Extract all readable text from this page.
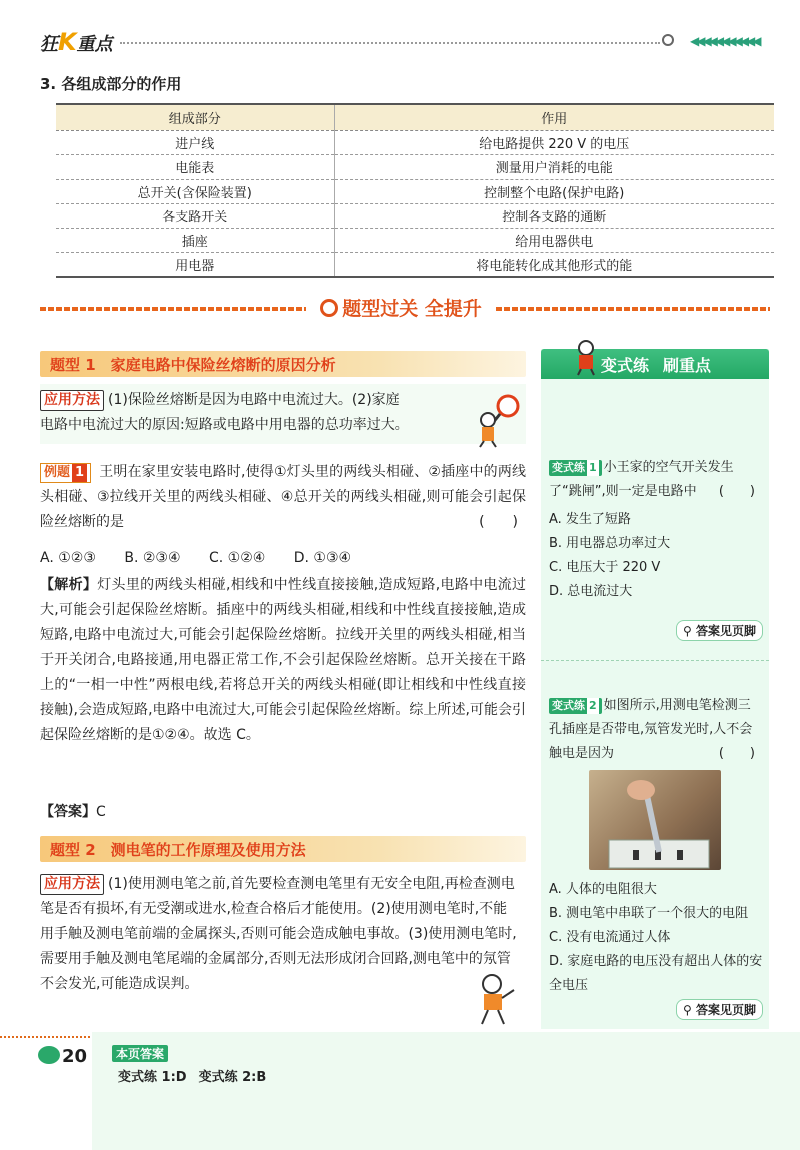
狂K重点	◀◀◀◀◀◀◀◀◀◀◀
3. 各组成部分的作用
组成部分	作用
进户线	给电路提供 220 V 的电压
电能表	测量用户消耗的电能
总开关(含保险装置)	控制整个电路(保护电路)
各支路开关	控制各支路的通断
插座	给用电器供电
用电器	将电能转化成其他形式的能
题型过关 全提升
题型 1　家庭电路中保险丝熔断的原因分析
应用方法 (1)保险丝熔断是因为电路中电流过大。(2)家庭
电路中电流过大的原因:短路或电路中用电器的总功率过大。
例题 1 王明在家里安装电路时,使得①灯头里的两线头相碰、②插座中的两线头相碰、③拉线开关里的两线头相碰、④总开关的两线头相碰,则可能会引起保险丝熔断的是	(　　)
A. ①②③ B. ②③④ C. ①②④ D. ①③④
【解析】灯头里的两线头相碰,相线和中性线直接接触,造成短路,电路中电流过大,可能会引起保险丝熔断。插座中的两线头相碰,相线和中性线直接接触,造成短路,电路中电流过大,可能会引起保险丝熔断。拉线开关里的两线头相碰,相当于开关闭合,电路接通,用电器正常工作,不会引起保险丝熔断。总开关接在干路上的“一相一中性”两根电线,若将总开关的两线头相碰(即让相线和中性线直接接触),会造成短路,电路中电流过大,可能会引起保险丝熔断。综上所述,可能会引起保险丝熔断的是①②④。故选 C。
【答案】C
题型 2　测电笔的工作原理及使用方法
应用方法 (1)使用测电笔之前,首先要检查测电笔里有无安全电阻,再检查测电笔是否有损坏,有无受潮或进水,检查合格后才能使用。(2)使用测电笔时,不能用手触及测电笔前端的金属探头,否则可能会造成触电事故。(3)使用测电笔时,需要用手触及测电笔尾端的金属部分,否则无法形成闭合回路,测电笔中的氖管不会发光,可能造成误判。
变式练 刷重点
变式练 1 小王家的空气开关发生了“跳闸”,则一定是电路中 (　　)
A. 发生了短路
B. 用电器总功率过大
C. 电压大于 220 V
D. 总电流过大
⚲ 答案见页脚
变式练 2 如图所示,用测电笔检测三孔插座是否带电,氖管发光时,人不会触电是因为	(　　)
A. 人体的电阻很大
B. 测电笔中串联了一个很大的电阻
C. 没有电流通过人体
D. 家庭电路的电压没有超出人体的安全电压
⚲ 答案见页脚
20	本页答案
变式练 1:D 变式练 2:B
